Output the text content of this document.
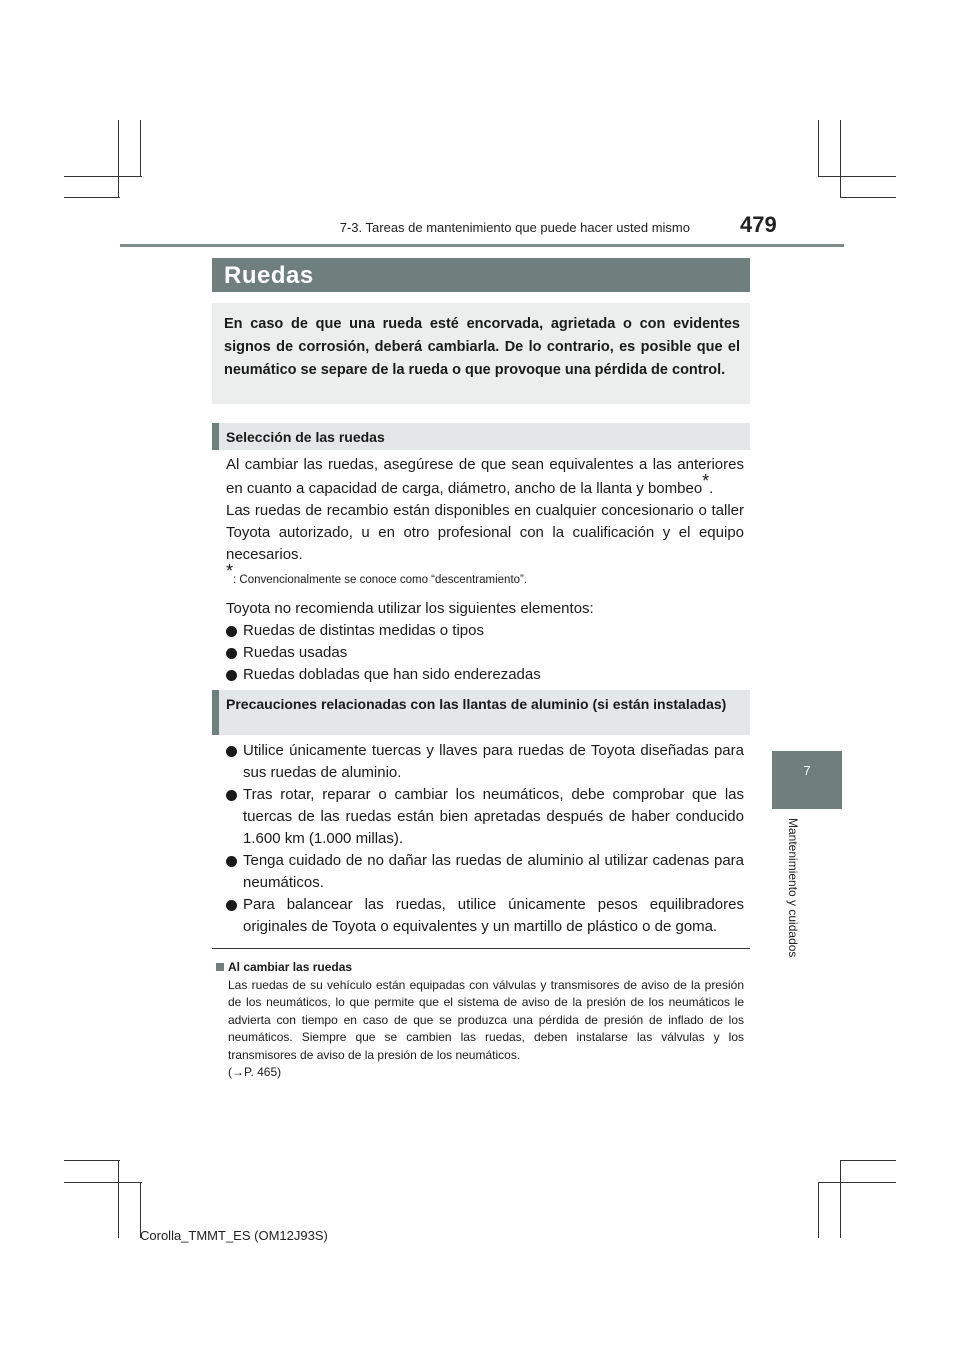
7-3. Tareas de mantenimiento que puede hacer usted mismo 479
7
Mantenimiento y cuidados
Ruedas

En caso de que una rueda esté encorvada, agrietada o con evidentes signos de corrosión, deberá cambiarla. De lo contrario, es posible que el neumático se separe de la rueda o que provoque una pérdida de control.

Selección de las ruedas

Al cambiar las ruedas, asegúrese de que sean equivalentes a las anteriores en cuanto a capacidad de carga, diámetro, ancho de la llanta y bombeo*.

Las ruedas de recambio están disponibles en cualquier concesionario o taller Toyota autorizado, u en otro profesional con la cualificación y el equipo necesarios.

*: Convencionalmente se conoce como “descentramiento”.

Toyota no recomienda utilizar los siguientes elementos:

Ruedas de distintas medidas o tipos
Ruedas usadas
Ruedas dobladas que han sido enderezadas
Precauciones relacionadas con las llantas de aluminio (si están instaladas)
Utilice únicamente tuercas y llaves para ruedas de Toyota diseñadas para sus ruedas de aluminio.
Tras rotar, reparar o cambiar los neumáticos, debe comprobar que las tuercas de las ruedas están bien apretadas después de haber conducido 1.600 km (1.000 millas).
Tenga cuidado de no dañar las ruedas de aluminio al utilizar cadenas para neumáticos.
Para balancear las ruedas, utilice únicamente pesos equilibradores originales de Toyota o equivalentes y un martillo de plástico o de goma.
Al cambiar las ruedas
Las ruedas de su vehículo están equipadas con válvulas y transmisores de aviso de la presión de los neumáticos, lo que permite que el sistema de aviso de la presión de los neumáticos le advierta con tiempo en caso de que se produzca una pérdida de presión de inflado de los neumáticos. Siempre que se cambien las ruedas, deben instalarse las válvulas y los transmisores de aviso de la presión de los neumáticos.
(→P. 465)
Corolla_TMMT_ES (OM12J93S)
